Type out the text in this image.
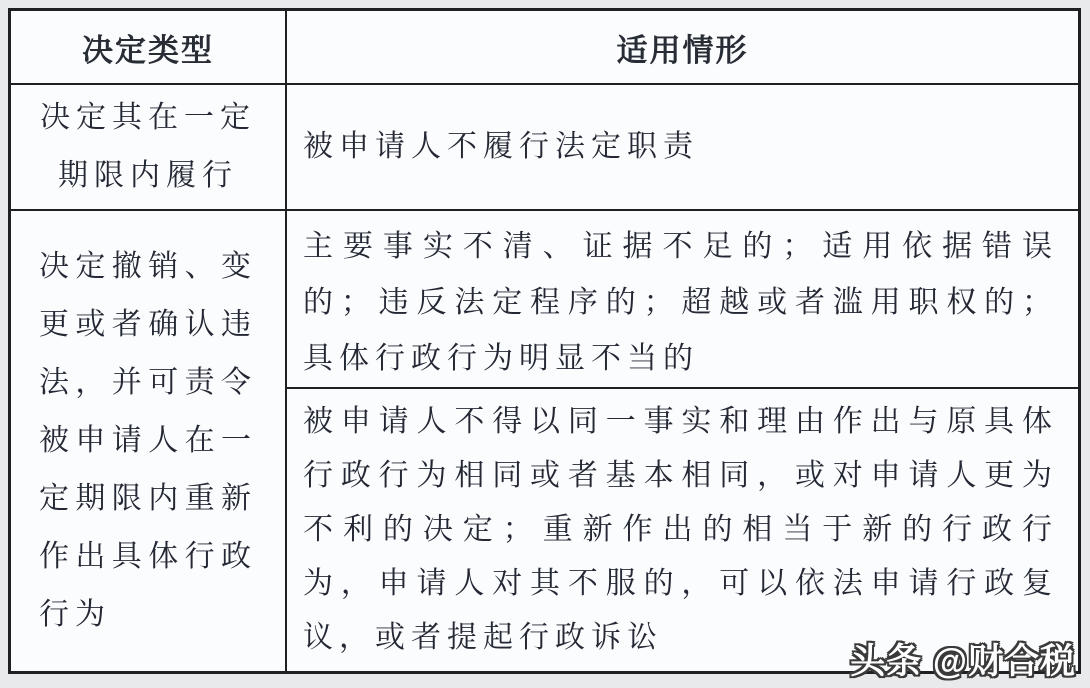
决定类型	适用情形
决定其在一定期限内履行
被申请人不履行法定职责
决定撤销、变更或者确认违法，并可责令被申请人在一定期限内重新作出具体行政行为
主要事实不清、证据不足的；适用依据错误的；违反法定程序的；超越或者滥用职权的；具体行政行为明显不当的
被申请人不得以同一事实和理由作出与原具体行政行为相同或者基本相同，或对申请人更为不利的决定；重新作出的相当于新的行政行为，申请人对其不服的，可以依法申请行政复议，或者提起行政诉讼
头条 @财合税
